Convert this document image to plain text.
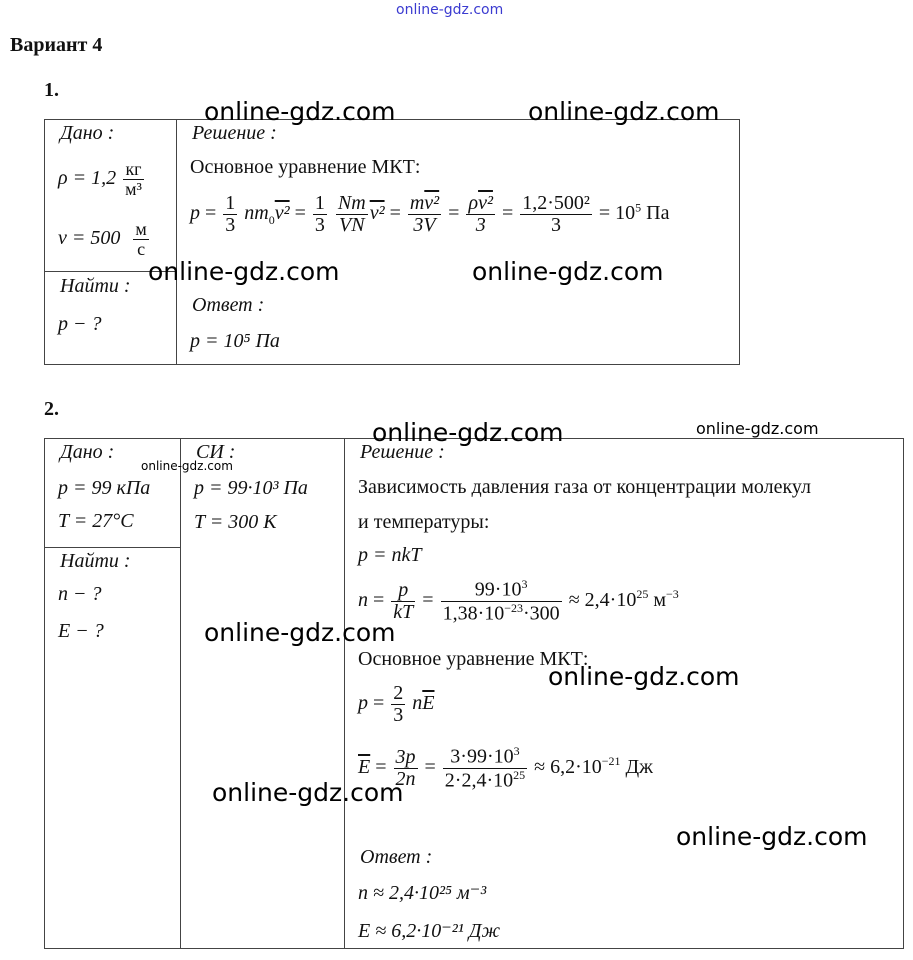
online-gdz.com
Вариант 4
1.
Дано :
$\rho = 1,2 \frac{кг}{\text{м³}}$
$v = 500 \frac{м}{с}$
Найти :
p − ?
Решение :
Основное уравнение МКТ:
$p = \frac{1}{3} nm_0v^2 = \frac{1}{3}$
$\frac{Nm}{VN} v^2 = \frac{\text{mv²}}{3V} = \frac{\text{ρv²}}{3} = \frac{\text{1,2·500²}}{3} = 10^5$ Па
Ответ :
p = 10⁵ Па
2.
Дано :
p = 99 кПа
T = 27°C
Найти :
n − ?
E − ?
СИ :
p = 99·10³ Па
T = 300 К
Решение :
Зависимость давления газа от концентрации молекул
и температуры:
p = nkT
$n = \frac{p}{kT} = \frac{99\cdot 10^3}{1,38\cdot 10^{-23}\cdot 300} \approx 2,4\cdot 10^{25}$ $м^{-3}$
Основное уравнение МКТ:
$p = \frac{2}{3} n\overline{E}$
$\overline{E} = \frac{3p}{2n} = \frac{3\cdot 99\cdot 10^3}{2\cdot 2,4\cdot 10^{25}} \approx 6,2\cdot 10^{-21}$ Дж
Ответ :
n ≈ 2,4·10²⁵ м⁻³
E ≈ 6,2·10⁻²¹ Дж
online-gdz.com	online-gdz.com
online-gdz.com	online-gdz.com
online-gdz.com	online-gdz.com
online-gdz.com
online-gdz.com
online-gdz.com
online-gdz.com
online-gdz.com
